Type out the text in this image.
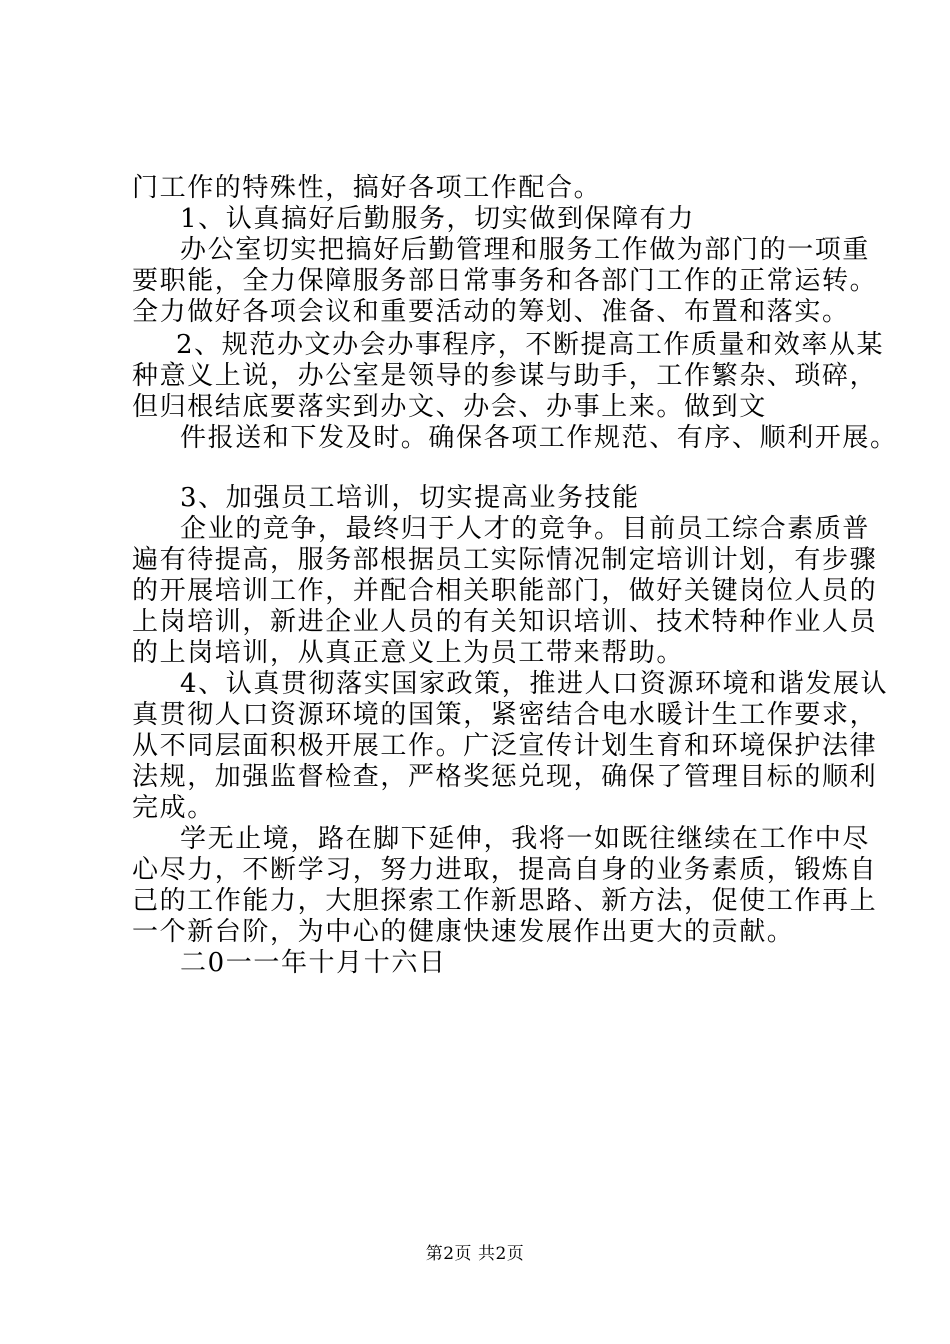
门工作的特殊性，搞好各项工作配合。
1、认真搞好后勤服务，切实做到保障有力
办公室切实把搞好后勤管理和服务工作做为部门的一项重
要职能，全力保障服务部日常事务和各部门工作的正常运转。
全力做好各项会议和重要活动的筹划、准备、布置和落实。
2、规范办文办会办事程序，不断提高工作质量和效率从某
种意义上说，办公室是领导的参谋与助手，工作繁杂、琐碎，
但归根结底要落实到办文、办会、办事上来。做到文
件报送和下发及时。确保各项工作规范、有序、顺利开展。
3、加强员工培训，切实提高业务技能
企业的竞争，最终归于人才的竞争。目前员工综合素质普
遍有待提高，服务部根据员工实际情况制定培训计划，有步骤
的开展培训工作，并配合相关职能部门，做好关键岗位人员的
上岗培训，新进企业人员的有关知识培训、技术特种作业人员
的上岗培训，从真正意义上为员工带来帮助。
4、认真贯彻落实国家政策，推进人口资源环境和谐发展认
真贯彻人口资源环境的国策，紧密结合电水暖计生工作要求，
从不同层面积极开展工作。广泛宣传计划生育和环境保护法律
法规，加强监督检查，严格奖惩兑现，确保了管理目标的顺利
完成。
学无止境，路在脚下延伸，我将一如既往继续在工作中尽
心尽力，不断学习，努力进取，提高自身的业务素质，锻炼自
己的工作能力，大胆探索工作新思路、新方法，促使工作再上
一个新台阶，为中心的健康快速发展作出更大的贡献。
二0一一年十月十六日
第2页 共2页
